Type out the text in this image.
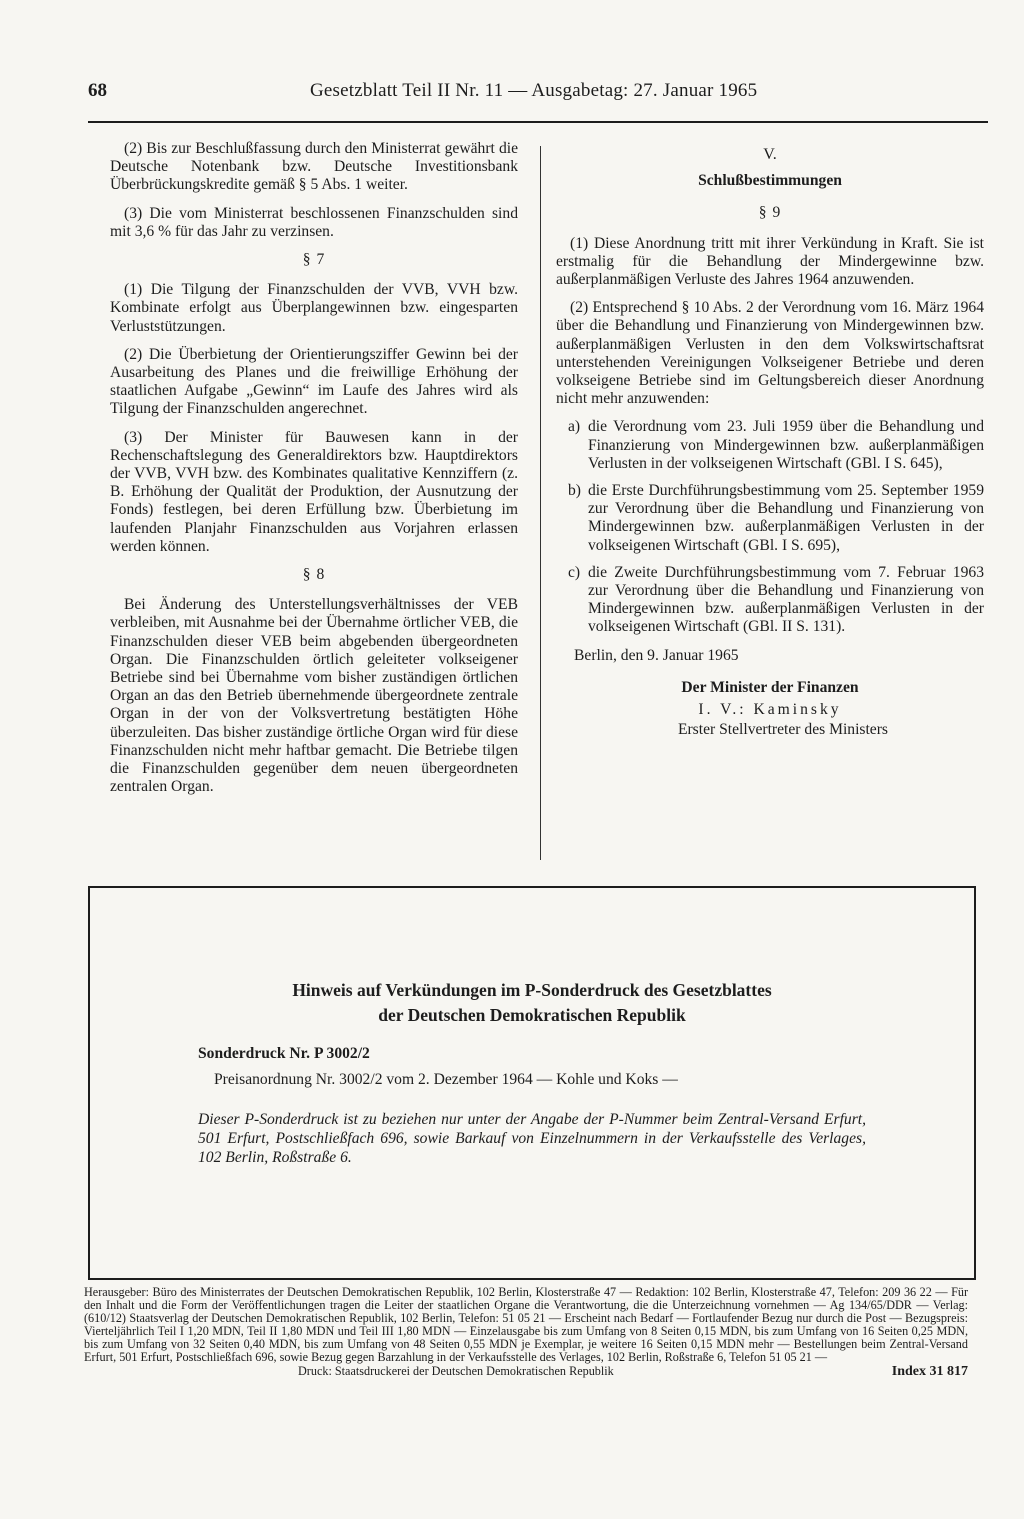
68	Gesetzblatt Teil II Nr. 11 — Ausgabetag: 27. Januar 1965

(2) Bis zur Beschlußfassung durch den Ministerrat gewährt die Deutsche Notenbank bzw. Deutsche Investitionsbank Überbrückungskredite gemäß § 5 Abs. 1 weiter.

(3) Die vom Ministerrat beschlossenen Finanzschulden sind mit 3,6 % für das Jahr zu verzinsen.

§ 7

(1) Die Tilgung der Finanzschulden der VVB, VVH bzw. Kombinate erfolgt aus Überplangewinnen bzw. eingesparten Verluststützungen.

(2) Die Überbietung der Orientierungsziffer Gewinn bei der Ausarbeitung des Planes und die freiwillige Erhöhung der staatlichen Aufgabe „Gewinn“ im Laufe des Jahres wird als Tilgung der Finanzschulden angerechnet.

(3) Der Minister für Bauwesen kann in der Rechenschaftslegung des Generaldirektors bzw. Hauptdirektors der VVB, VVH bzw. des Kombinates qualitative Kennziffern (z. B. Erhöhung der Qualität der Produktion, der Ausnutzung der Fonds) festlegen, bei deren Erfüllung bzw. Überbietung im laufenden Planjahr Finanzschulden aus Vorjahren erlassen werden können.

§ 8

Bei Änderung des Unterstellungsverhältnisses der VEB verbleiben, mit Ausnahme bei der Übernahme örtlicher VEB, die Finanzschulden dieser VEB beim abgebenden übergeordneten Organ. Die Finanzschulden örtlich geleiteter volkseigener Betriebe sind bei Übernahme vom bisher zuständigen örtlichen Organ an das den Betrieb übernehmende übergeordnete zentrale Organ in der von der Volksvertretung bestätigten Höhe überzuleiten. Das bisher zuständige örtliche Organ wird für diese Finanzschulden nicht mehr haftbar gemacht. Die Betriebe tilgen die Finanzschulden gegenüber dem neuen übergeordneten zentralen Organ.

V.
Schlußbestimmungen
§ 9

(1) Diese Anordnung tritt mit ihrer Verkündung in Kraft. Sie ist erstmalig für die Behandlung der Mindergewinne bzw. außerplanmäßigen Verluste des Jahres 1964 anzuwenden.

(2) Entsprechend § 10 Abs. 2 der Verordnung vom 16. März 1964 über die Behandlung und Finanzierung von Mindergewinnen bzw. außerplanmäßigen Verlusten in den dem Volkswirtschaftsrat unterstehenden Vereinigungen Volkseigener Betriebe und deren volkseigene Betriebe sind im Geltungsbereich dieser Anordnung nicht mehr anzuwenden:

a) die Verordnung vom 23. Juli 1959 über die Behandlung und Finanzierung von Mindergewinnen bzw. außerplanmäßigen Verlusten in der volkseigenen Wirtschaft (GBl. I S. 645),
b) die Erste Durchführungsbestimmung vom 25. September 1959 zur Verordnung über die Behandlung und Finanzierung von Mindergewinnen bzw. außerplanmäßigen Verlusten in der volkseigenen Wirtschaft (GBl. I S. 695),
c) die Zweite Durchführungsbestimmung vom 7. Februar 1963 zur Verordnung über die Behandlung und Finanzierung von Mindergewinnen bzw. außerplanmäßigen Verlusten in der volkseigenen Wirtschaft (GBl. II S. 131).
Berlin, den 9. Januar 1965
Der Minister der Finanzen
I. V.: Kaminsky
Erster Stellvertreter des Ministers
Hinweis auf Verkündungen im P-Sonderdruck des Gesetzblattes
der Deutschen Demokratischen Republik
Sonderdruck Nr. P 3002/2
Preisanordnung Nr. 3002/2 vom 2. Dezember 1964 — Kohle und Koks —
Dieser P-Sonderdruck ist zu beziehen nur unter der Angabe der P-Nummer beim Zentral-Versand Erfurt, 501 Erfurt, Postschließfach 696, sowie Barkauf von Einzelnummern in der Verkaufsstelle des Verlages, 102 Berlin, Roßstraße 6.

Herausgeber: Büro des Ministerrates der Deutschen Demokratischen Republik, 102 Berlin, Klosterstraße 47 — Redaktion: 102 Berlin, Klosterstraße 47, Telefon: 209 36 22 — Für den Inhalt und die Form der Veröffentlichungen tragen die Leiter der staatlichen Organe die Verantwortung, die die Unterzeichnung vornehmen — Ag 134/65/DDR — Verlag: (610/12) Staatsverlag der Deutschen Demokratischen Republik, 102 Berlin, Telefon: 51 05 21 — Erscheint nach Bedarf — Fortlaufender Bezug nur durch die Post — Bezugspreis: Vierteljährlich Teil I 1,20 MDN, Teil II 1,80 MDN und Teil III 1,80 MDN — Einzelausgabe bis zum Umfang von 8 Seiten 0,15 MDN, bis zum Umfang von 16 Seiten 0,25 MDN, bis zum Umfang von 32 Seiten 0,40 MDN, bis zum Umfang von 48 Seiten 0,55 MDN je Exemplar, je weitere 16 Seiten 0,15 MDN mehr — Bestellungen beim Zentral-Versand Erfurt, 501 Erfurt, Postschließfach 696, sowie Bezug gegen Barzahlung in der Verkaufsstelle des Verlages, 102 Berlin, Roßstraße 6, Telefon 51 05 21 —

Druck: Staatsdruckerei der Deutschen Demokratischen Republik	Index 31 817
